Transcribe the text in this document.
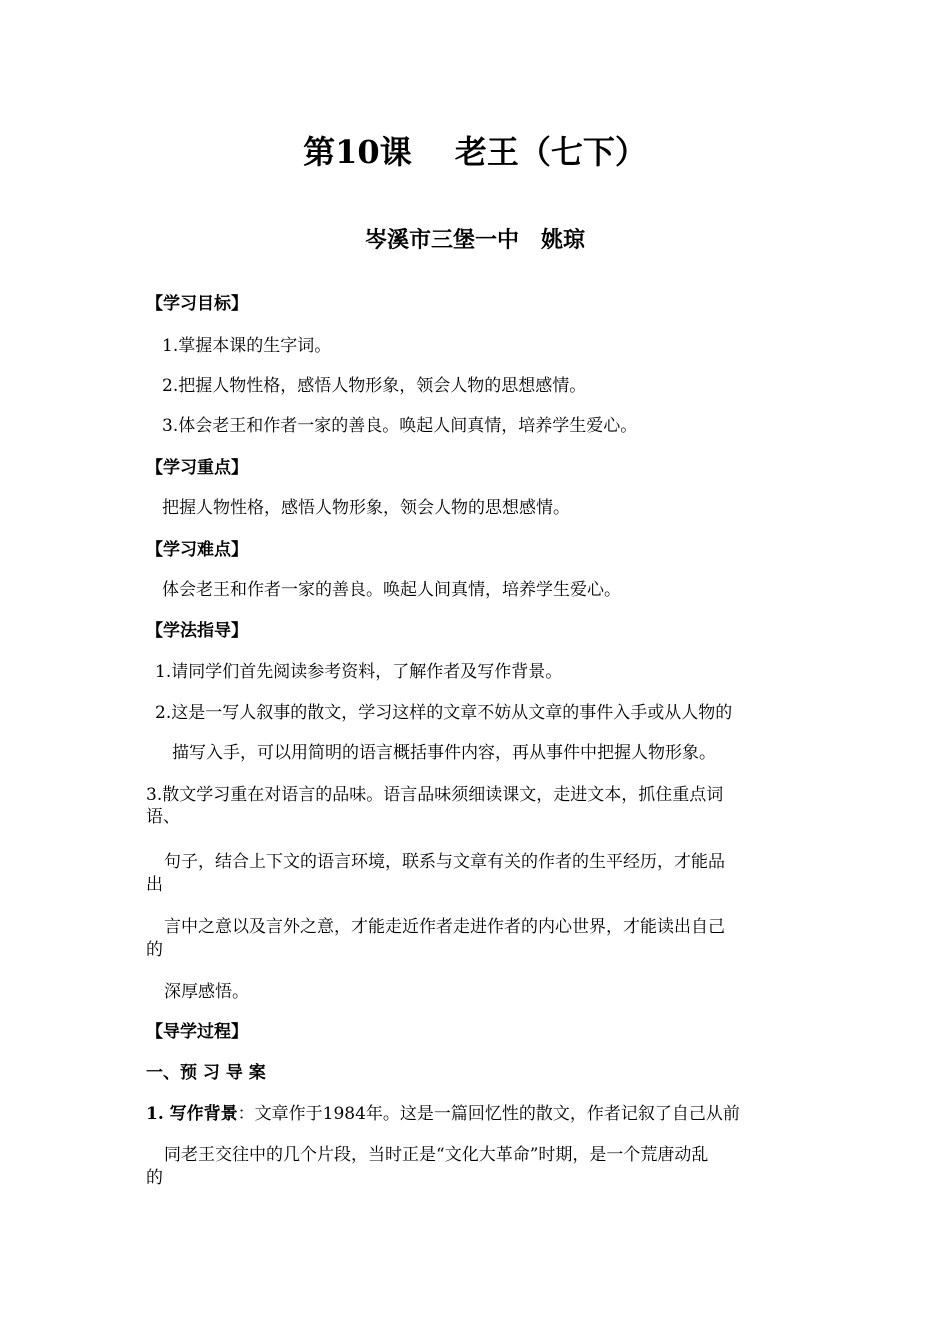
第10课　 老王（七下）
岑溪市三堡一中　姚琼
【学习目标】
1.掌握本课的生字词。
2.把握人物性格，感悟人物形象，领会人物的思想感情。
3.体会老王和作者一家的善良。唤起人间真情，培养学生爱心。
【学习重点】
把握人物性格，感悟人物形象，领会人物的思想感情。
【学习难点】
体会老王和作者一家的善良。唤起人间真情，培养学生爱心。
【学法指导】
1.请同学们首先阅读参考资料，了解作者及写作背景。
2.这是一写人叙事的散文，学习这样的文章不妨从文章的事件入手或从人物的
描写入手，可以用简明的语言概括事件内容，再从事件中把握人物形象。
3.散文学习重在对语言的品味。语言品味须细读课文，走进文本，抓住重点词
语、
句子，结合上下文的语言环境，联系与文章有关的作者的生平经历，才能品
出
言中之意以及言外之意，才能走近作者走进作者的内心世界，才能读出自己
的
深厚感悟。
【导学过程】
一、预 习 导 案
1. 写作背景：文章作于1984年。这是一篇回忆性的散文，作者记叙了自己从前
同老王交往中的几个片段，当时正是“文化大革命”时期，是一个荒唐动乱
的
